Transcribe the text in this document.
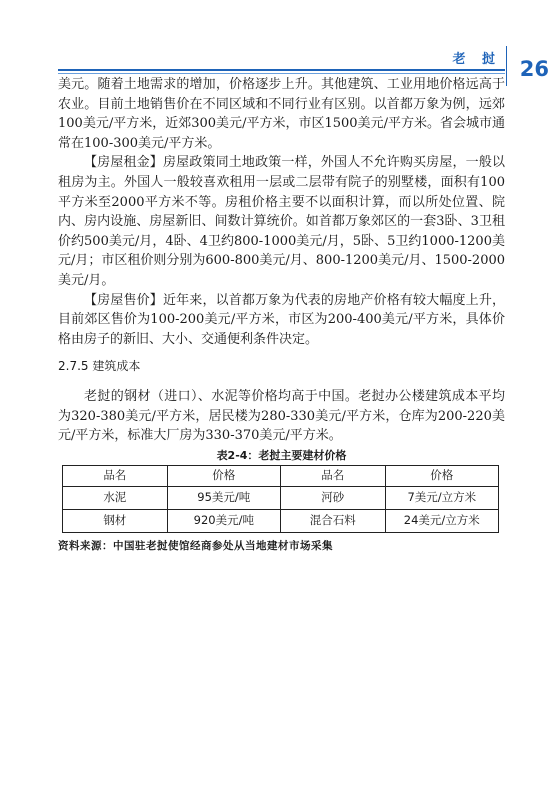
老 挝 26

美元。随着土地需求的增加，价格逐步上升。其他建筑、工业用地价格远高于农业。目前土地销售价在不同区域和不同行业有区别。以首都万象为例，远郊100美元/平方米，近郊300美元/平方米，市区1500美元/平方米。省会城市通常在100-300美元/平方米。

【房屋租金】房屋政策同土地政策一样，外国人不允许购买房屋，一般以租房为主。外国人一般较喜欢租用一层或二层带有院子的别墅楼，面积有100平方米至2000平方米不等。房租价格主要不以面积计算，而以所处位置、院内、房内设施、房屋新旧、间数计算统价。如首都万象郊区的一套3卧、3卫租价约500美元/月，4卧、4卫约800-1000美元/月，5卧、5卫约1000-1200美元/月；市区租价则分别为600-800美元/月、800-1200美元/月、1500-2000美元/月。

【房屋售价】近年来，以首都万象为代表的房地产价格有较大幅度上升，目前郊区售价为100-200美元/平方米，市区为200-400美元/平方米，具体价格由房子的新旧、大小、交通便利条件决定。

2.7.5 建筑成本

老挝的钢材（进口）、水泥等价格均高于中国。老挝办公楼建筑成本平均为320-380美元/平方米，居民楼为280-330美元/平方米，仓库为200-220美元/平方米，标准大厂房为330-370美元/平方米。

表2-4：老挝主要建材价格

品名	价格	品名	价格
水泥	95美元/吨	河砂	7美元/立方米
钢材	920美元/吨	混合石料	24美元/立方米

资料来源：中国驻老挝使馆经商参处从当地建材市场采集
